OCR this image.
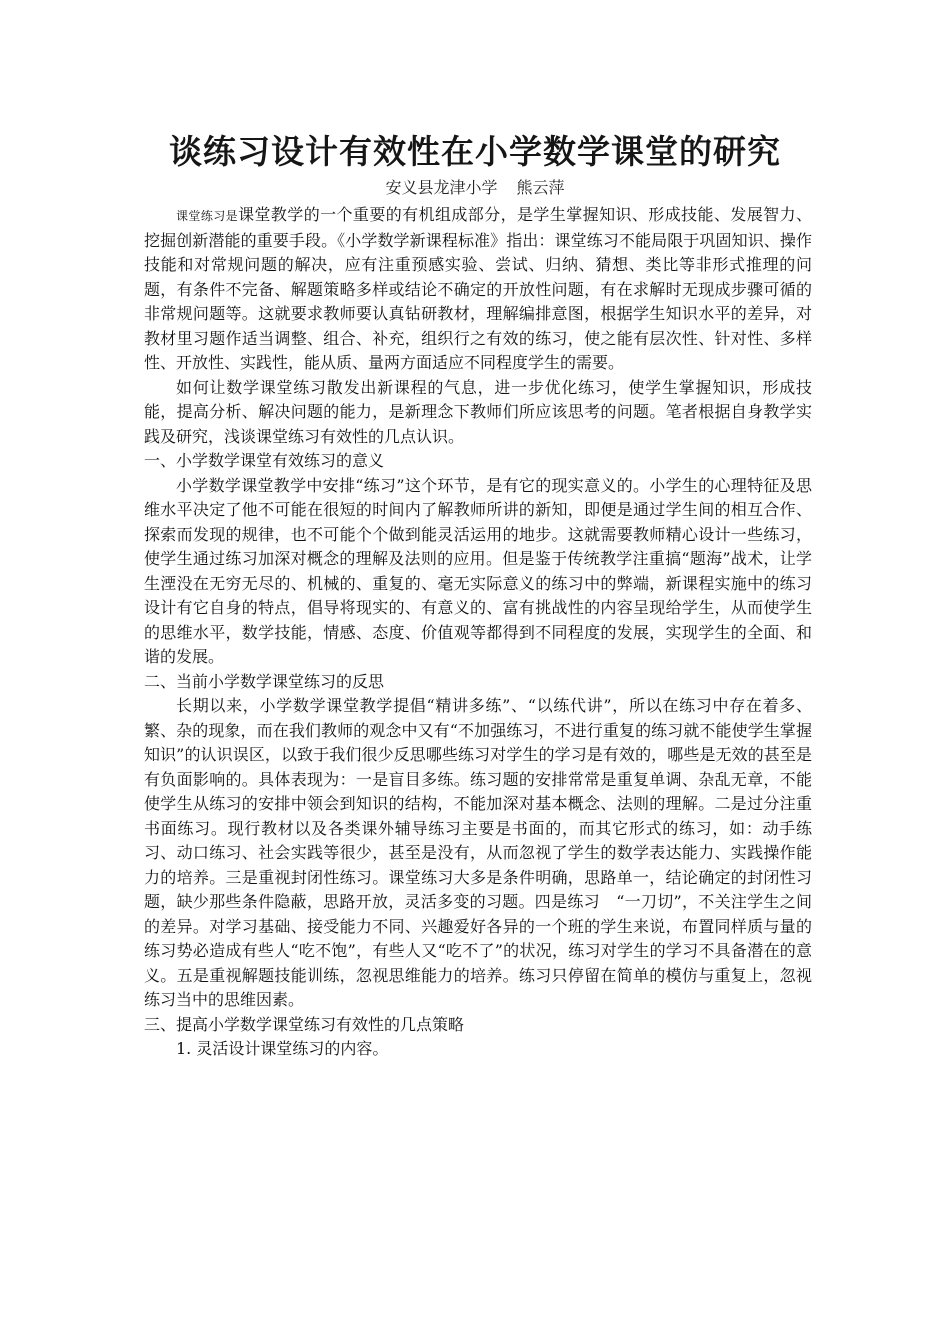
谈练习设计有效性在小学数学课堂的研究
安义县龙津小学 熊云萍

课堂练习是课堂教学的一个重要的有机组成部分，是学生掌握知识、形成技能、发展智力、挖掘创新潜能的重要手段。《小学数学新课程标准》指出：课堂练习不能局限于巩固知识、操作技能和对常规问题的解决，应有注重预感实验、尝试、归纳、猜想、类比等非形式推理的问题，有条件不完备、解题策略多样或结论不确定的开放性问题，有在求解时无现成步骤可循的非常规问题等。这就要求教师要认真钻研教材，理解编排意图，根据学生知识水平的差异，对教材里习题作适当调整、组合、补充，组织行之有效的练习，使之能有层次性、针对性、多样性、开放性、实践性，能从质、量两方面适应不同程度学生的需要。

如何让数学课堂练习散发出新课程的气息，进一步优化练习，使学生掌握知识，形成技能，提高分析、解决问题的能力，是新理念下教师们所应该思考的问题。笔者根据自身教学实践及研究，浅谈课堂练习有效性的几点认识。

一、小学数学课堂有效练习的意义

小学数学课堂教学中安排“练习”这个环节，是有它的现实意义的。小学生的心理特征及思维水平决定了他不可能在很短的时间内了解教师所讲的新知，即便是通过学生间的相互合作、探索而发现的规律，也不可能个个做到能灵活运用的地步。这就需要教师精心设计一些练习，使学生通过练习加深对概念的理解及法则的应用。但是鉴于传统教学注重搞“题海”战术，让学生湮没在无穷无尽的、机械的、重复的、毫无实际意义的练习中的弊端，新课程实施中的练习设计有它自身的特点，倡导将现实的、有意义的、富有挑战性的内容呈现给学生，从而使学生的思维水平，数学技能，情感、态度、价值观等都得到不同程度的发展，实现学生的全面、和谐的发展。

二、当前小学数学课堂练习的反思

长期以来，小学数学课堂教学提倡“精讲多练”、“以练代讲”，所以在练习中存在着多、繁、杂的现象，而在我们教师的观念中又有“不加强练习，不进行重复的练习就不能使学生掌握知识”的认识误区，以致于我们很少反思哪些练习对学生的学习是有效的，哪些是无效的甚至是有负面影响的。具体表现为：一是盲目多练。练习题的安排常常是重复单调、杂乱无章，不能使学生从练习的安排中领会到知识的结构，不能加深对基本概念、法则的理解。二是过分注重书面练习。现行教材以及各类课外辅导练习主要是书面的，而其它形式的练习，如：动手练习、动口练习、社会实践等很少，甚至是没有，从而忽视了学生的数学表达能力、实践操作能力的培养。三是重视封闭性练习。课堂练习大多是条件明确，思路单一，结论确定的封闭性习题，缺少那些条件隐蔽，思路开放，灵活多变的习题。四是练习　“一刀切”，不关注学生之间的差异。对学习基础、接受能力不同、兴趣爱好各异的一个班的学生来说，布置同样质与量的练习势必造成有些人“吃不饱”，有些人又“吃不了”的状况，练习对学生的学习不具备潜在的意义。五是重视解题技能训练，忽视思维能力的培养。练习只停留在简单的模仿与重复上，忽视练习当中的思维因素。

三、提高小学数学课堂练习有效性的几点策略

1. 灵活设计课堂练习的内容。
